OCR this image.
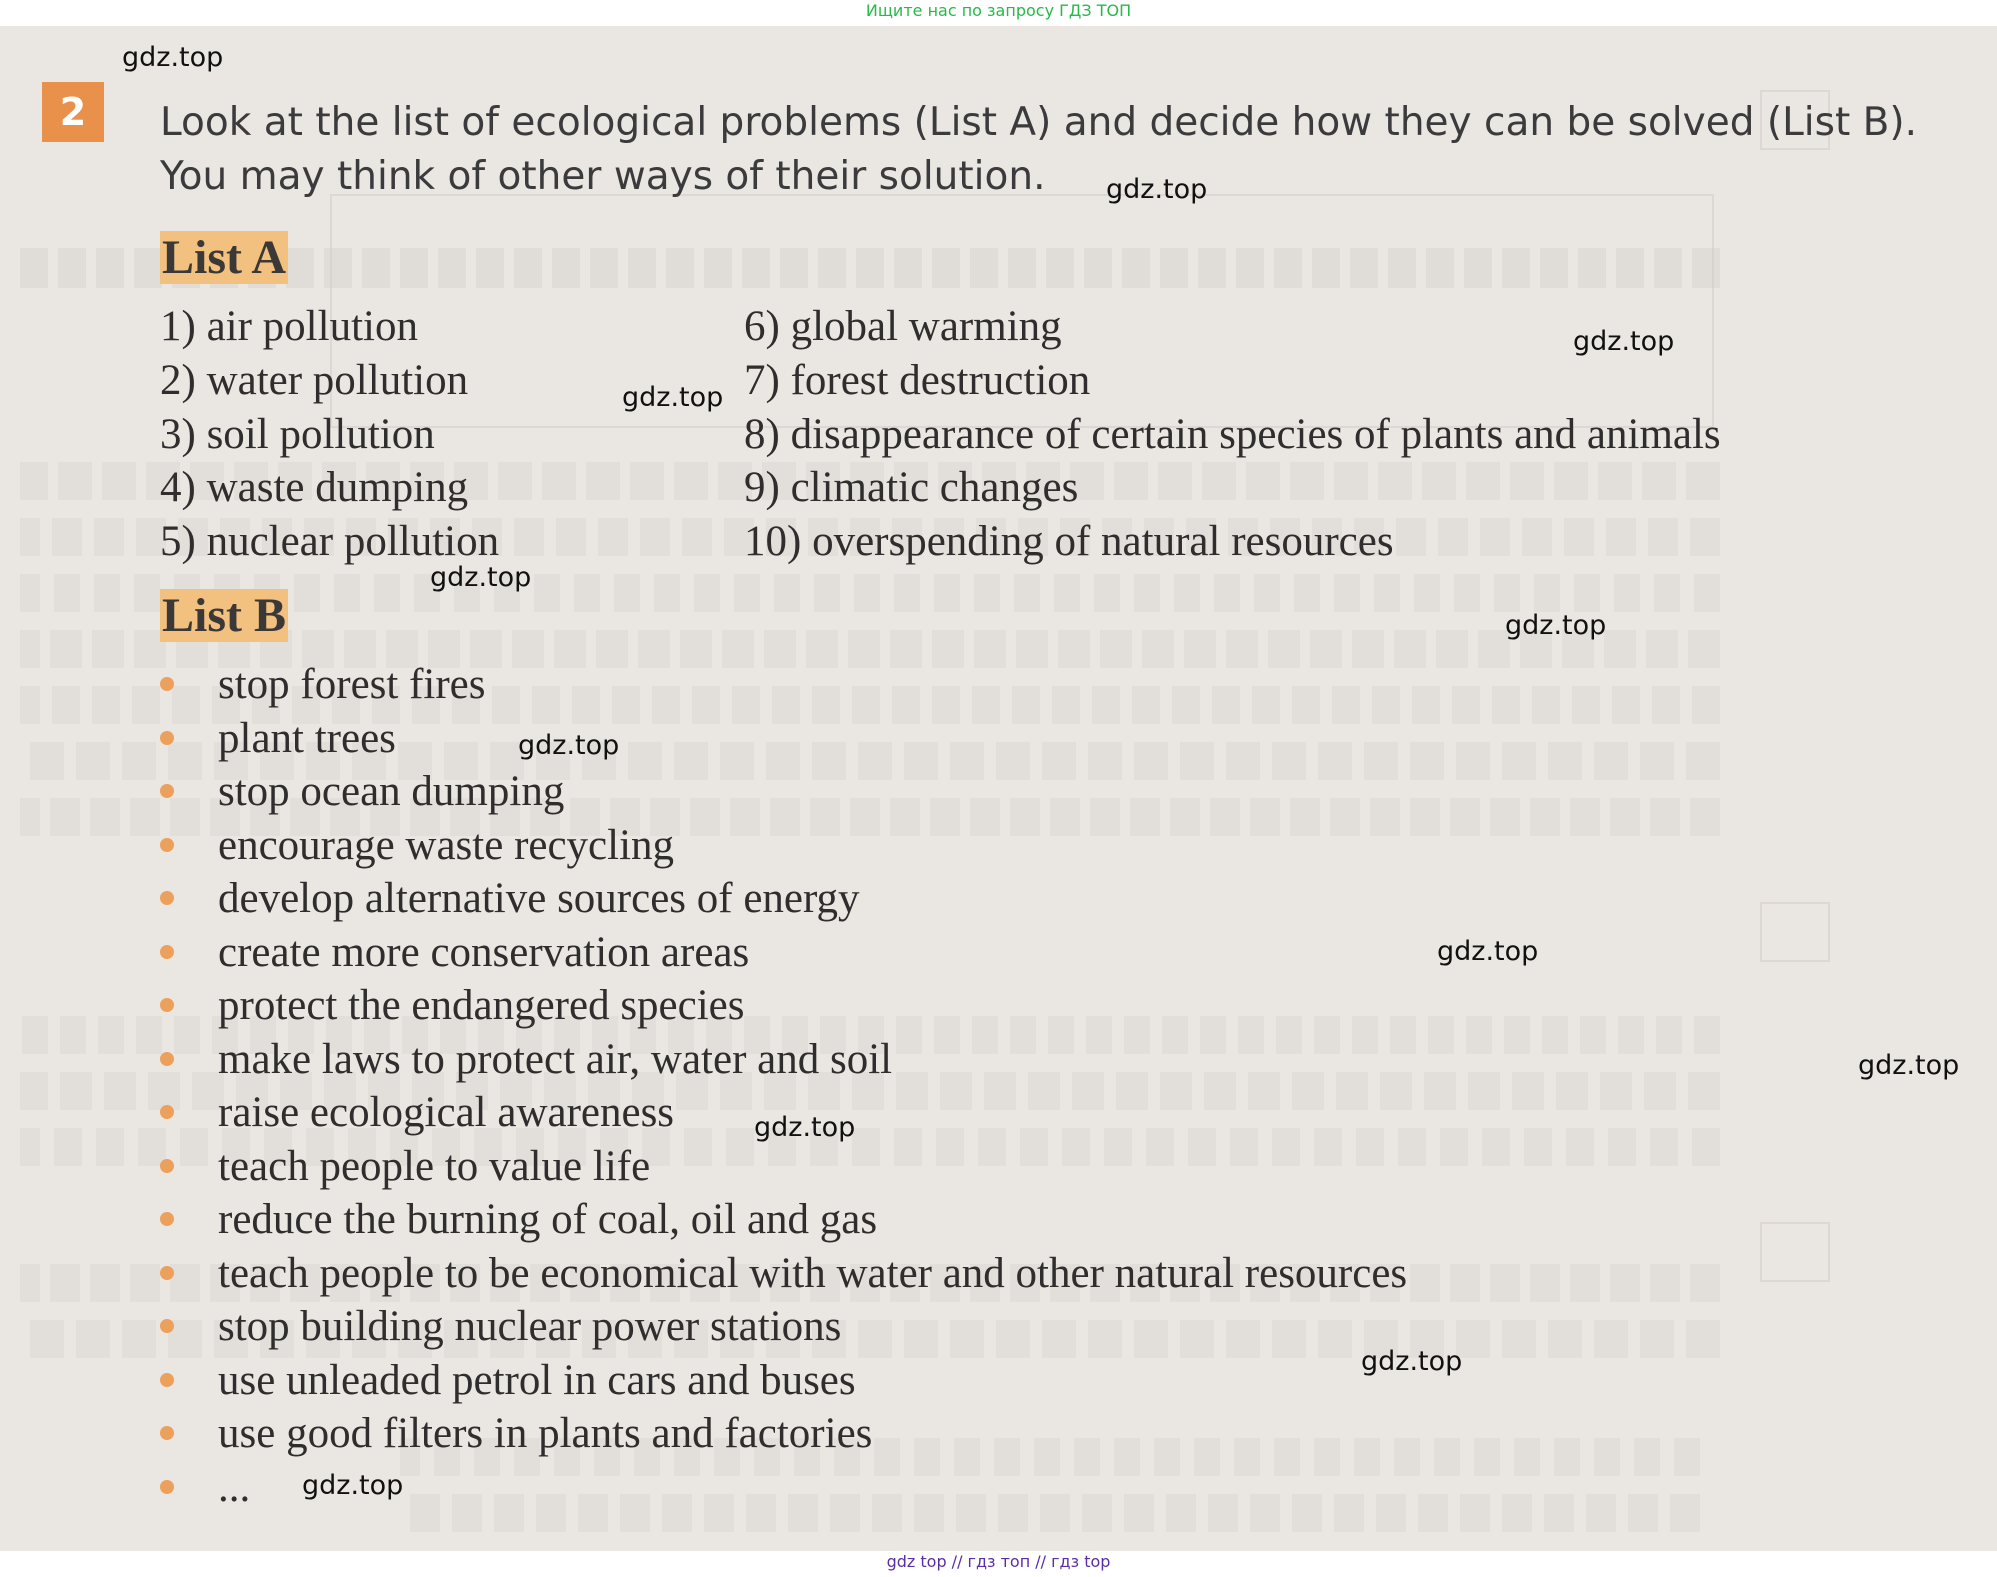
Ищите нас по запросу ГДЗ ТОП
2	Look at the list of ecological problems (List A) and decide how they can be solved (List B).
You may think of other ways of their solution.
List A
1) air pollution
2) water pollution
3) soil pollution
4) waste dumping
5) nuclear pollution
6) global warming
7) forest destruction
8) disappearance of certain species of plants and animals
9) climatic changes
10) overspending of natural resources
List B
stop forest fires
plant trees
stop ocean dumping
encourage waste recycling
develop alternative sources of energy
create more conservation areas
protect the endangered species
make laws to protect air, water and soil
raise ecological awareness
teach people to value life
reduce the burning of coal, oil and gas
teach people to be economical with water and other natural resources
stop building nuclear power stations
use unleaded petrol in cars and buses
use good filters in plants and factories
...
gdz.top
gdz.top
gdz.top
gdz.top
gdz.top
gdz.top
gdz.top
gdz.top
gdz.top
gdz.top
gdz.top
gdz.top
gdz top // гдз топ // гдз top
